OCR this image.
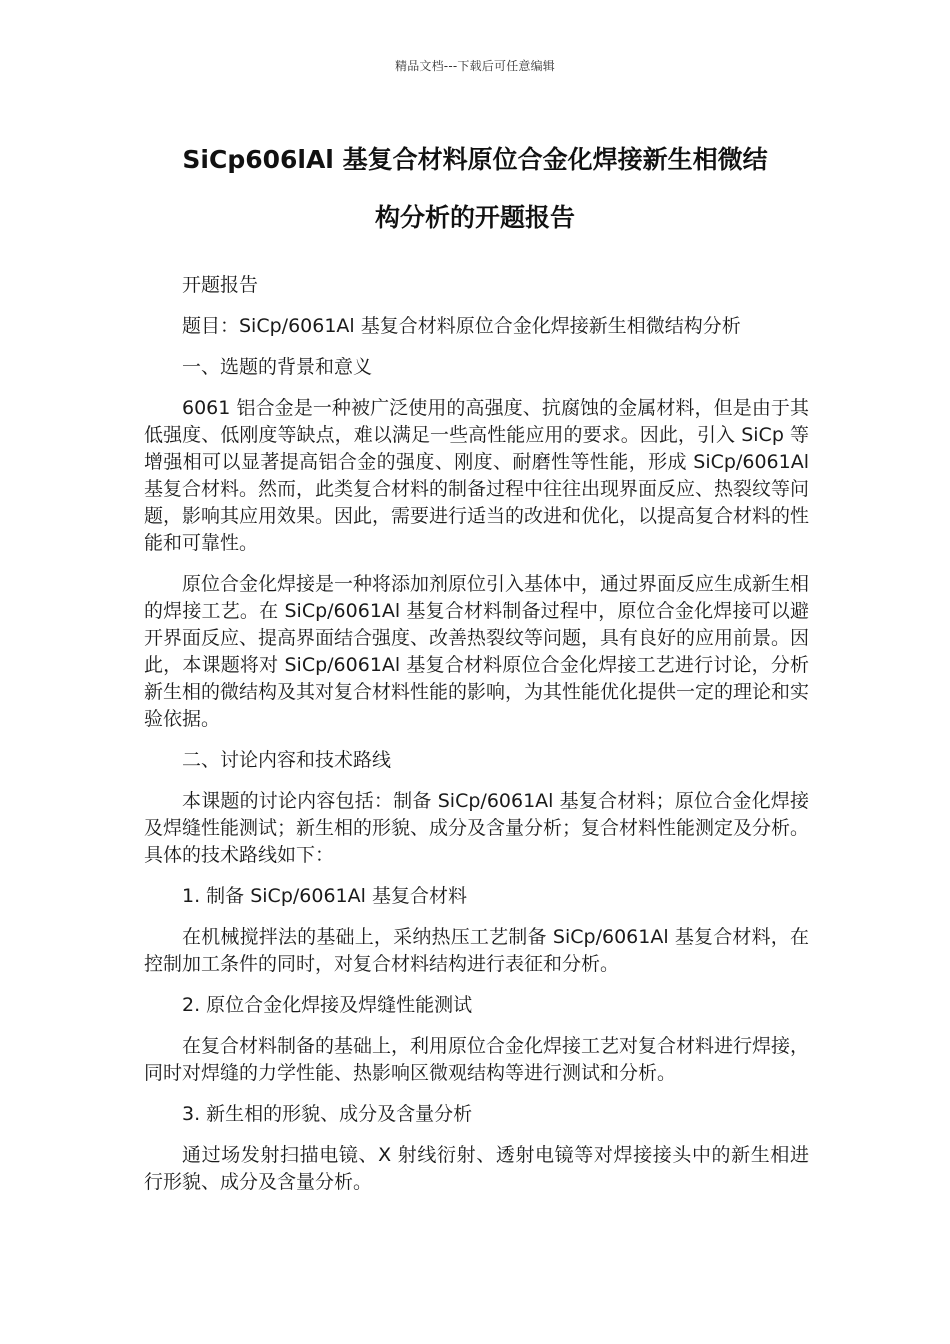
精品文档---下载后可任意编辑
SiCp606lAl 基复合材料原位合金化焊接新生相微结
构分析的开题报告

开题报告

题目：SiCp/6061Al 基复合材料原位合金化焊接新生相微结构分析

一、选题的背景和意义

6061 铝合金是一种被广泛使用的高强度、抗腐蚀的金属材料，但是由于其低强度、低刚度等缺点，难以满足一些高性能应用的要求。因此，引入 SiCp 等增强相可以显著提高铝合金的强度、刚度、耐磨性等性能，形成 SiCp/6061Al 基复合材料。然而，此类复合材料的制备过程中往往出现界面反应、热裂纹等问题，影响其应用效果。因此，需要进行适当的改进和优化，以提高复合材料的性能和可靠性。

原位合金化焊接是一种将添加剂原位引入基体中，通过界面反应生成新生相的焊接工艺。在 SiCp/6061Al 基复合材料制备过程中，原位合金化焊接可以避开界面反应、提高界面结合强度、改善热裂纹等问题，具有良好的应用前景。因此，本课题将对 SiCp/6061Al 基复合材料原位合金化焊接工艺进行讨论，分析新生相的微结构及其对复合材料性能的影响，为其性能优化提供一定的理论和实验依据。

二、讨论内容和技术路线

本课题的讨论内容包括：制备 SiCp/6061Al 基复合材料；原位合金化焊接及焊缝性能测试；新生相的形貌、成分及含量分析；复合材料性能测定及分析。具体的技术路线如下：

1. 制备 SiCp/6061Al 基复合材料

在机械搅拌法的基础上，采纳热压工艺制备 SiCp/6061Al 基复合材料，在控制加工条件的同时，对复合材料结构进行表征和分析。

2. 原位合金化焊接及焊缝性能测试

在复合材料制备的基础上，利用原位合金化焊接工艺对复合材料进行焊接，同时对焊缝的力学性能、热影响区微观结构等进行测试和分析。

3. 新生相的形貌、成分及含量分析

通过场发射扫描电镜、X 射线衍射、透射电镜等对焊接接头中的新生相进行形貌、成分及含量分析。
